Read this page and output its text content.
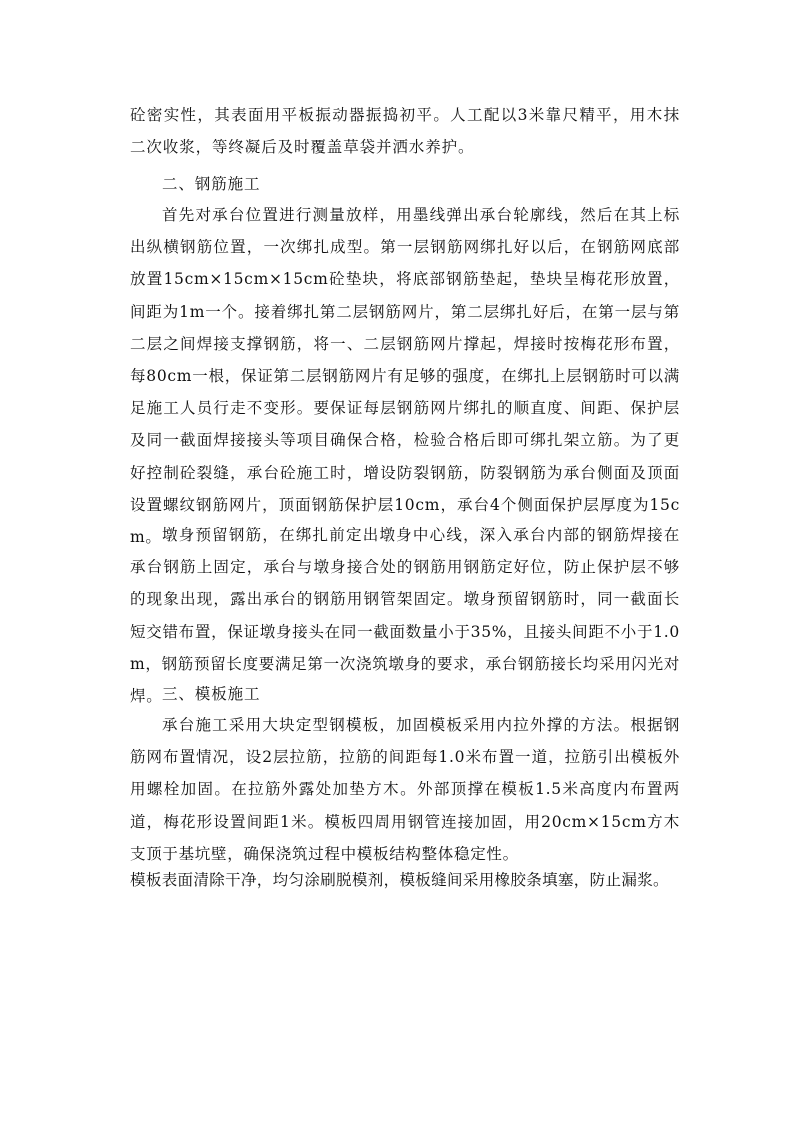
砼密实性，其表面用平板振动器振捣初平。人工配以3米靠尺精平，用木抹二次收浆，等终凝后及时覆盖草袋并洒水养护。
二、钢筋施工
首先对承台位置进行测量放样，用墨线弹出承台轮廓线，然后在其上标出纵横钢筋位置，一次绑扎成型。第一层钢筋网绑扎好以后，在钢筋网底部放置15cm×15cm×15cm砼垫块，将底部钢筋垫起，垫块呈梅花形放置，间距为1m一个。接着绑扎第二层钢筋网片，第二层绑扎好后，在第一层与第二层之间焊接支撑钢筋，将一、二层钢筋网片撑起，焊接时按梅花形布置，每80cm一根，保证第二层钢筋网片有足够的强度，在绑扎上层钢筋时可以满足施工人员行走不变形。要保证每层钢筋网片绑扎的顺直度、间距、保护层及同一截面焊接接头等项目确保合格，检验合格后即可绑扎架立筋。为了更好控制砼裂缝，承台砼施工时，增设防裂钢筋，防裂钢筋为承台侧面及顶面设置螺纹钢筋网片，顶面钢筋保护层10cm，承台4个侧面保护层厚度为15cm。 墩身预留钢筋，在绑扎前定出墩身中心线，深入承台内部的钢筋焊接在承台钢筋上固定，承台与墩身接合处的钢筋用钢筋定好位，防止保护层不够的现象出现，露出承台的钢筋用钢管架固定。墩身预留钢筋时，同一截面长短交错布置，保证墩身接头在同一截面数量小于35%，且接头间距不小于1.0m，钢筋预留长度要满足第一次浇筑墩身的要求，承台钢筋接长均采用闪光对焊。 三、模板施工
承台施工采用大块定型钢模板，加固模板采用内拉外撑的方法。根据钢筋网布置情况，设2层拉筋，拉筋的间距每1.0米布置一道，拉筋引出模板外用螺栓加固。在拉筋外露处加垫方木。外部顶撑在模板1.5米高度内布置两道，梅花形设置间距1米。模板四周用钢管连接加固，用20cm×15cm方木支顶于基坑壁，确保浇筑过程中模板结构整体稳定性。
模板表面清除干净，均匀涂刷脱模剂，模板缝间采用橡胶条填塞，防止漏浆。
